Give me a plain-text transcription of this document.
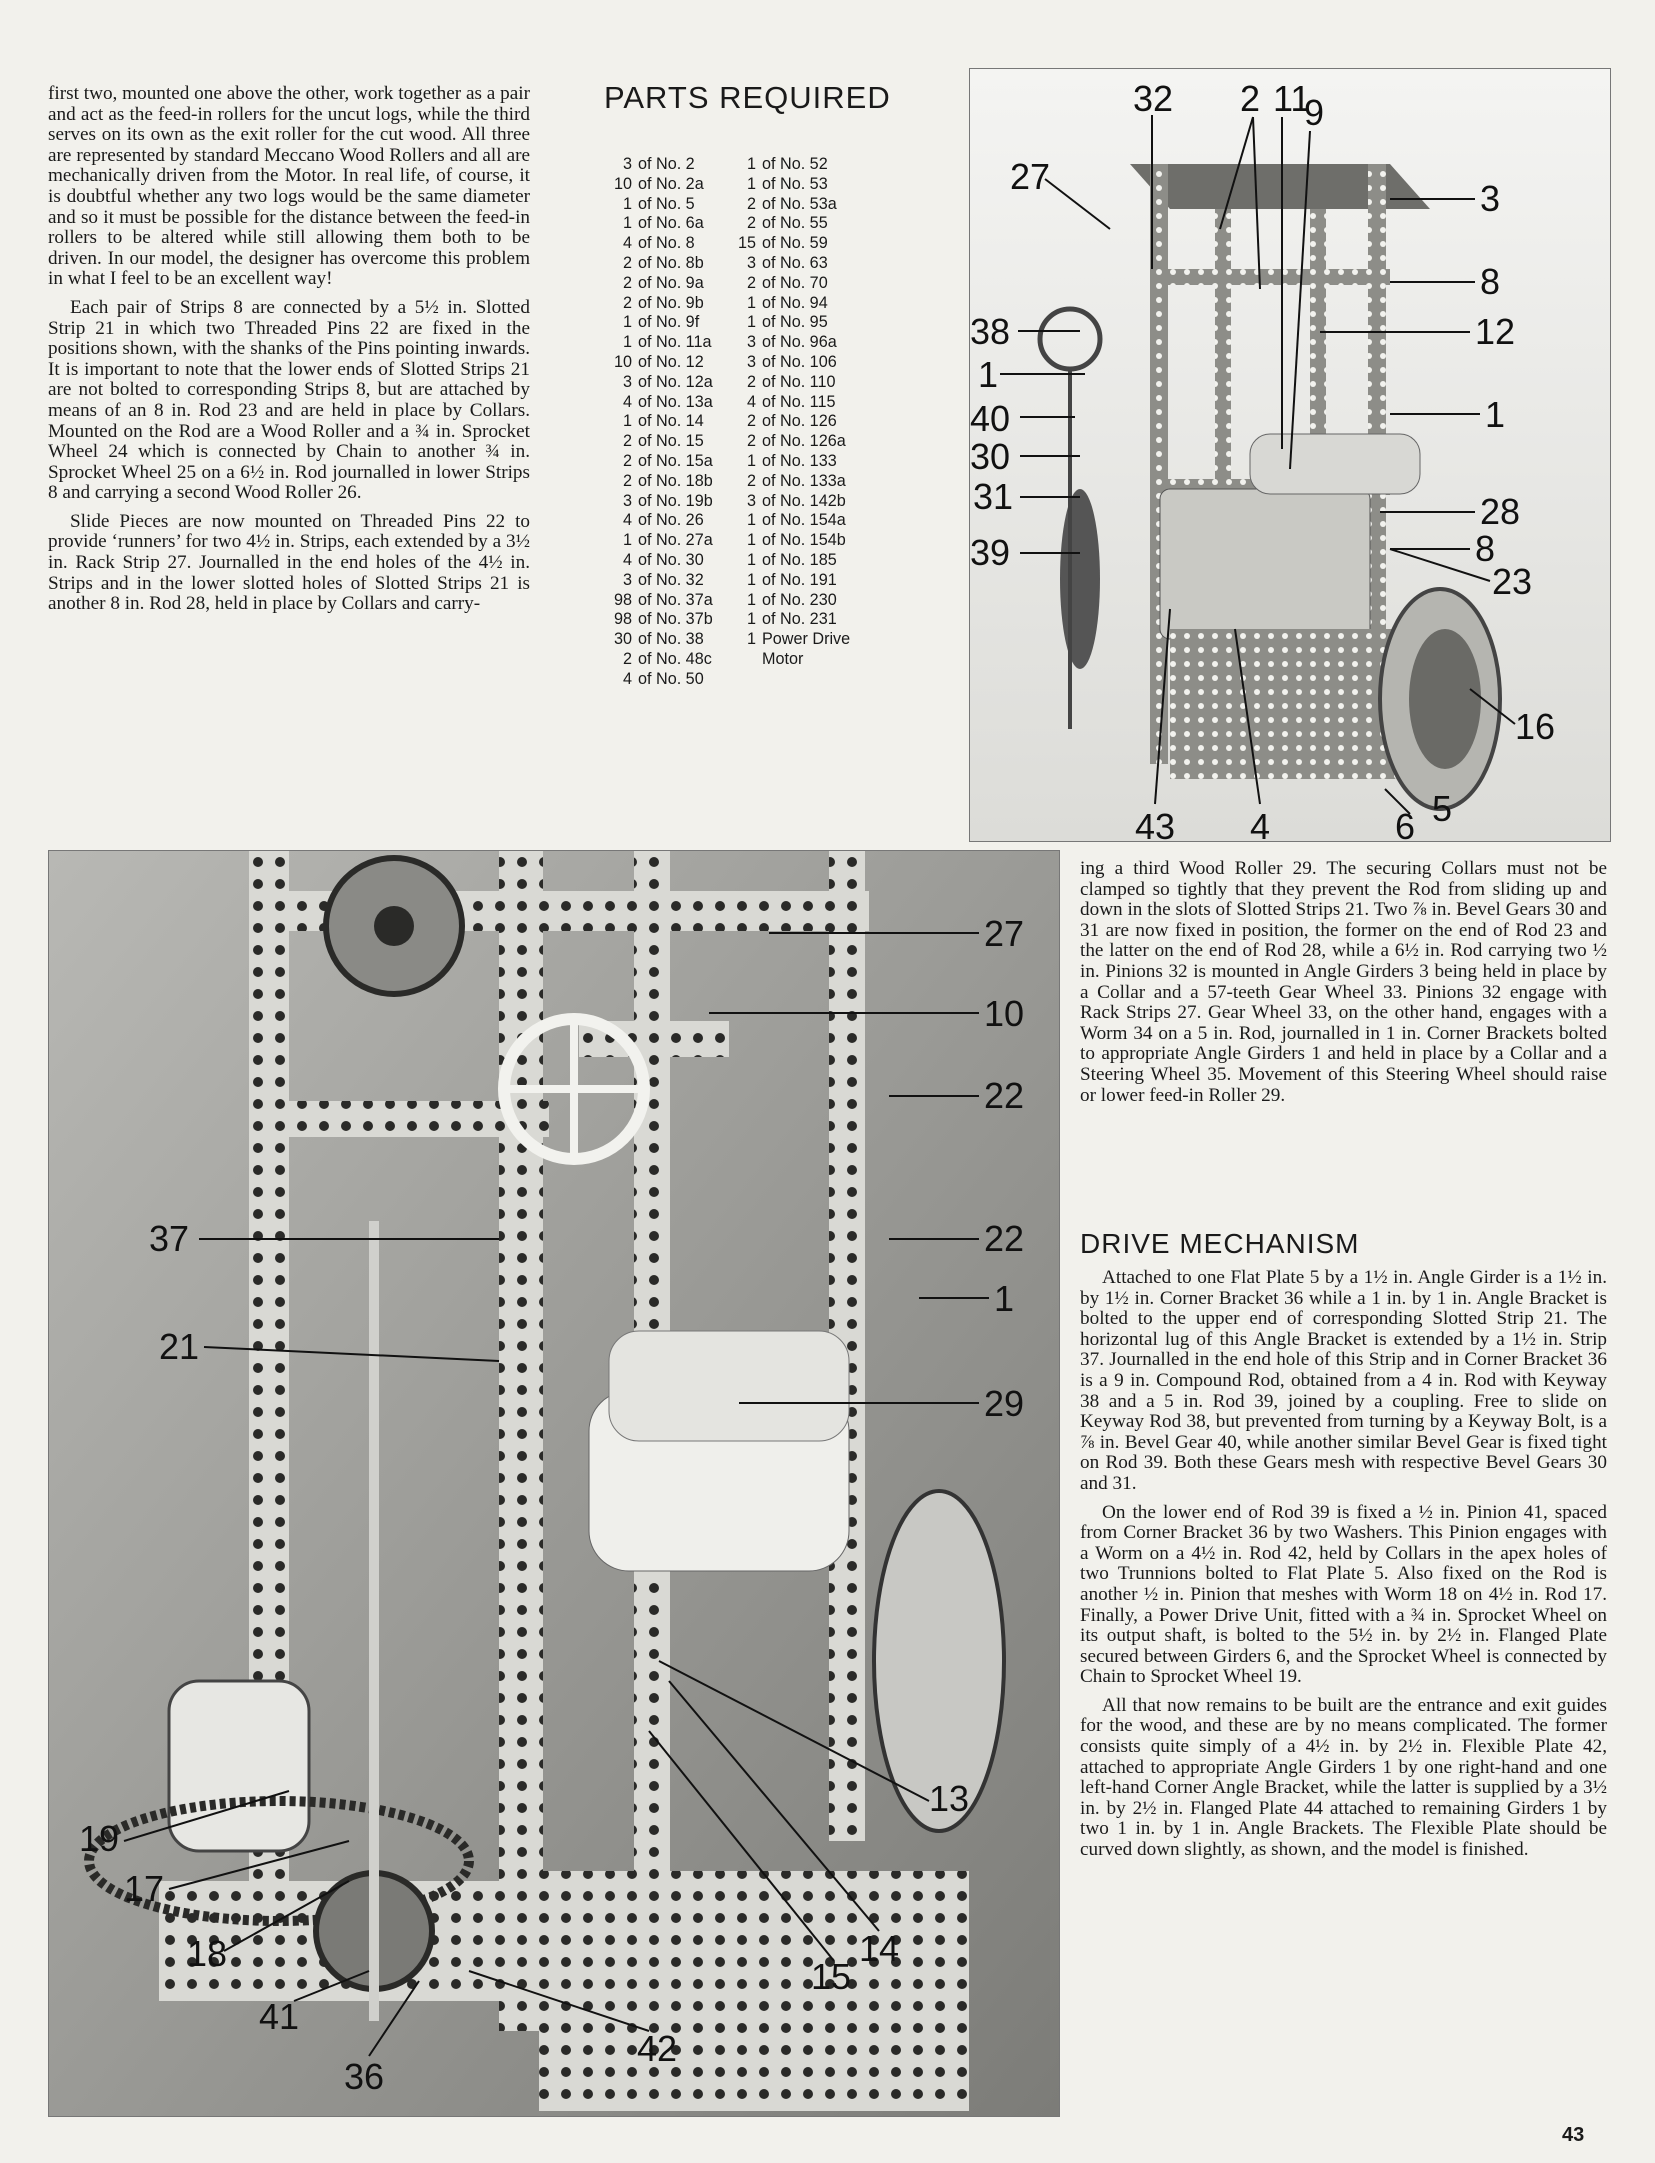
first two, mounted one above the other, work together as a pair and act as the feed-in rollers for the uncut logs, while the third serves on its own as the exit roller for the cut wood. All three are represented by standard Meccano Wood Rollers and all are mechanically driven from the Motor. In real life, of course, it is doubtful whether any two logs would be the same diameter and so it must be possible for the distance between the feed-in rollers to be altered while still allowing them both to be driven. In our model, the designer has overcome this problem in what I feel to be an excellent way!

Each pair of Strips 8 are connected by a 5½ in. Slotted Strip 21 in which two Threaded Pins 22 are fixed in the positions shown, with the shanks of the Pins pointing inwards. It is important to note that the lower ends of Slotted Strips 21 are not bolted to corresponding Strips 8, but are attached by means of an 8 in. Rod 23 and are held in place by Collars. Mounted on the Rod are a Wood Roller and a ¾ in. Sprocket Wheel 24 which is connected by Chain to another ¾ in. Sprocket Wheel 25 on a 6½ in. Rod journalled in lower Strips 8 and carrying a second Wood Roller 26.

Slide Pieces are now mounted on Threaded Pins 22 to provide ‘runners’ for two 4½ in. Strips, each extended by a 3½ in. Rack Strip 27. Journalled in the end holes of the 4½ in. Strips and in the lower slotted holes of Slotted Strips 21 is another 8 in. Rod 28, held in place by Collars and carry-

PARTS REQUIRED
3 of No. 2
10 of No. 2a
1 of No. 5
1 of No. 6a
4 of No. 8
2 of No. 8b
2 of No. 9a
2 of No. 9b
1 of No. 9f
1 of No. 11a
10 of No. 12
3 of No. 12a
4 of No. 13a
1 of No. 14
2 of No. 15
2 of No. 15a
2 of No. 18b
3 of No. 19b
4 of No. 26
1 of No. 27a
4 of No. 30
3 of No. 32
98 of No. 37a
98 of No. 37b
30 of No. 38
2 of No. 48c
4 of No. 50
1 of No. 52
1 of No. 53
2 of No. 53a
2 of No. 55
15 of No. 59
3 of No. 63
2 of No. 70
1 of No. 94
1 of No. 95
3 of No. 96a
3 of No. 106
2 of No. 110
4 of No. 115
2 of No. 126
2 of No. 126a
1 of No. 133
2 of No. 133a
3 of No. 142b
1 of No. 154a
1 of No. 154b
1 of No. 185
1 of No. 191
1 of No. 230
1 of No. 231
1 Power Drive
Motor
32 2 11
9
27
3
8
38	12
1
40	1
30
31	28
8
39
23
16
43 4	6 5
27
10
22
37	22
1
21
29
13
19
17
18	14
15
41
36
42

ing a third Wood Roller 29. The securing Collars must not be clamped so tightly that they prevent the Rod from sliding up and down in the slots of Slotted Strips 21. Two ⅞ in. Bevel Gears 30 and 31 are now fixed in position, the former on the end of Rod 23 and the latter on the end of Rod 28, while a 6½ in. Rod carrying two ½ in. Pinions 32 is mounted in Angle Girders 3 being held in place by a Collar and a 57-teeth Gear Wheel 33. Pinions 32 engage with Rack Strips 27. Gear Wheel 33, on the other hand, engages with a Worm 34 on a 5 in. Rod, journalled in 1 in. Corner Brackets bolted to appropriate Angle Girders 1 and held in place by a Collar and a Steering Wheel 35. Movement of this Steering Wheel should raise or lower feed-in Roller 29.

DRIVE MECHANISM

Attached to one Flat Plate 5 by a 1½ in. Angle Girder is a 1½ in. by 1½ in. Corner Bracket 36 while a 1 in. by 1 in. Angle Bracket is bolted to the upper end of corresponding Slotted Strip 21. The horizontal lug of this Angle Bracket is extended by a 1½ in. Strip 37. Journalled in the end hole of this Strip and in Corner Bracket 36 is a 9 in. Compound Rod, obtained from a 4 in. Rod with Keyway 38 and a 5 in. Rod 39, joined by a coupling. Free to slide on Keyway Rod 38, but prevented from turning by a Keyway Bolt, is a ⅞ in. Bevel Gear 40, while another similar Bevel Gear is fixed tight on Rod 39. Both these Gears mesh with respective Bevel Gears 30 and 31.

On the lower end of Rod 39 is fixed a ½ in. Pinion 41, spaced from Corner Bracket 36 by two Washers. This Pinion engages with a Worm on a 4½ in. Rod 42, held by Collars in the apex holes of two Trunnions bolted to Flat Plate 5. Also fixed on the Rod is another ½ in. Pinion that meshes with Worm 18 on 4½ in. Rod 17. Finally, a Power Drive Unit, fitted with a ¾ in. Sprocket Wheel on its output shaft, is bolted to the 5½ in. by 2½ in. Flanged Plate secured between Girders 6, and the Sprocket Wheel is connected by Chain to Sprocket Wheel 19.

All that now remains to be built are the entrance and exit guides for the wood, and these are by no means complicated. The former consists quite simply of a 4½ in. by 2½ in. Flexible Plate 42, attached to appropriate Angle Girders 1 by one right-hand and one left-hand Corner Angle Bracket, while the latter is supplied by a 3½ in. by 2½ in. Flanged Plate 44 attached to remaining Girders 1 by two 1 in. by 1 in. Angle Brackets. The Flexible Plate should be curved down slightly, as shown, and the model is finished.

43
